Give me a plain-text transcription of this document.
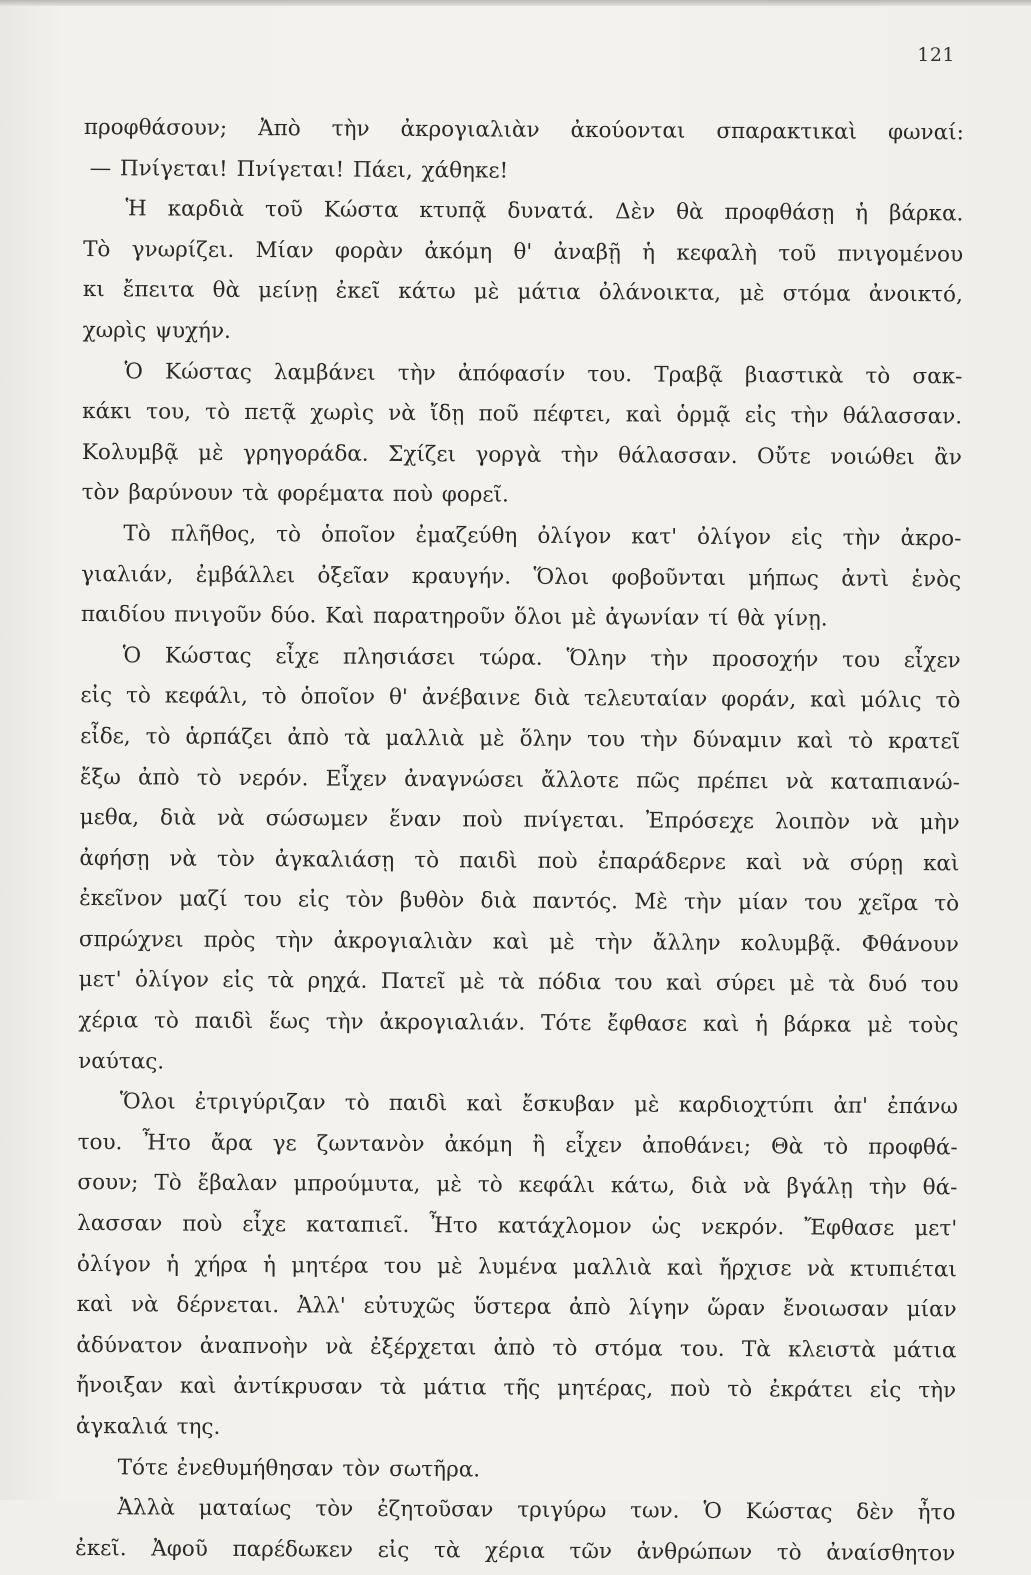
121
προφθάσουν; Ἀπὸ τὴν ἀκρογιαλιὰν ἀκούονται σπαρακτικαὶ φωναί:
— Πνίγεται! Πνίγεται! Πάει, χάθηκε!
Ἡ καρδιὰ τοῦ Κώστα κτυπᾷ δυνατά. Δὲν θὰ προφθάσῃ ἡ βάρκα.
Τὸ γνωρίζει. Μίαν φορὰν ἀκόμη θ' ἀναβῇ ἡ κεφαλὴ τοῦ πνιγομένου
κι ἔπειτα θὰ μείνῃ ἐκεῖ κάτω μὲ μάτια ὀλάνοικτα, μὲ στόμα ἀνοικτό,
χωρὶς ψυχήν.
Ὁ Κώστας λαμβάνει τὴν ἀπόφασίν του. Τραβᾷ βιαστικὰ τὸ σακ-
κάκι του, τὸ πετᾷ χωρὶς νὰ ἴδῃ ποῦ πέφτει, καὶ ὁρμᾷ εἰς τὴν θάλασσαν.
Κολυμβᾷ μὲ γρηγοράδα. Σχίζει γοργὰ τὴν θάλασσαν. Οὔτε νοιώθει ἂν
τὸν βαρύνουν τὰ φορέματα ποὺ φορεῖ.
Τὸ πλῆθος, τὸ ὁποῖον ἐμαζεύθη ὀλίγον κατ' ὀλίγον εἰς τὴν ἀκρο-
γιαλιάν, ἐμβάλλει ὀξεῖαν κραυγήν. Ὅλοι φοβοῦνται μήπως ἀντὶ ἑνὸς
παιδίου πνιγοῦν δύο. Καὶ παρατηροῦν ὅλοι μὲ ἀγωνίαν τί θὰ γίνῃ.
Ὁ Κώστας εἶχε πλησιάσει τώρα. Ὅλην τὴν προσοχήν του εἶχεν
εἰς τὸ κεφάλι, τὸ ὁποῖον θ' ἀνέβαινε διὰ τελευταίαν φοράν, καὶ μόλις τὸ
εἶδε, τὸ ἁρπάζει ἀπὸ τὰ μαλλιὰ μὲ ὅλην του τὴν δύναμιν καὶ τὸ κρατεῖ
ἔξω ἀπὸ τὸ νερόν. Εἶχεν ἀναγνώσει ἄλλοτε πῶς πρέπει νὰ καταπιανώ-
μεθα, διὰ νὰ σώσωμεν ἕναν ποὺ πνίγεται. Ἐπρόσεχε λοιπὸν νὰ μὴν
ἀφήσῃ νὰ τὸν ἀγκαλιάσῃ τὸ παιδὶ ποὺ ἐπαράδερνε καὶ νὰ σύρῃ καὶ
ἐκεῖνον μαζί του εἰς τὸν βυθὸν διὰ παντός. Μὲ τὴν μίαν του χεῖρα τὸ
σπρώχνει πρὸς τὴν ἀκρογιαλιὰν καὶ μὲ τὴν ἄλλην κολυμβᾷ. Φθάνουν
μετ' ὀλίγον εἰς τὰ ρηχά. Πατεῖ μὲ τὰ πόδια του καὶ σύρει μὲ τὰ δυό του
χέρια τὸ παιδὶ ἕως τὴν ἀκρογιαλιάν. Τότε ἔφθασε καὶ ἡ βάρκα μὲ τοὺς
ναύτας.
Ὅλοι ἐτριγύριζαν τὸ παιδὶ καὶ ἔσκυβαν μὲ καρδιοχτύπι ἀπ' ἐπάνω
του. Ἦτο ἄρα γε ζωντανὸν ἀκόμη ἢ εἶχεν ἀποθάνει; Θὰ τὸ προφθά-
σουν; Τὸ ἔβαλαν μπρούμυτα, μὲ τὸ κεφάλι κάτω, διὰ νὰ βγάλῃ τὴν θά-
λασσαν ποὺ εἶχε καταπιεῖ. Ἦτο κατάχλομον ὡς νεκρόν. Ἔφθασε μετ'
ὀλίγον ἡ χήρα ἡ μητέρα του μὲ λυμένα μαλλιὰ καὶ ἤρχισε νὰ κτυπιέται
καὶ νὰ δέρνεται. Ἀλλ' εὐτυχῶς ὕστερα ἀπὸ λίγην ὥραν ἔνοιωσαν μίαν
ἀδύνατον ἀναπνοὴν νὰ ἐξέρχεται ἀπὸ τὸ στόμα του. Τὰ κλειστὰ μάτια
ἤνοιξαν καὶ ἀντίκρυσαν τὰ μάτια τῆς μητέρας, ποὺ τὸ ἐκράτει εἰς τὴν
ἀγκαλιά της.
Τότε ἐνεθυμήθησαν τὸν σωτῆρα.
Ἀλλὰ ματαίως τὸν ἐζητοῦσαν τριγύρω των. Ὁ Κώστας δὲν ἦτο
ἐκεῖ. Ἀφοῦ παρέδωκεν εἰς τὰ χέρια τῶν ἀνθρώπων τὸ ἀναίσθητον
